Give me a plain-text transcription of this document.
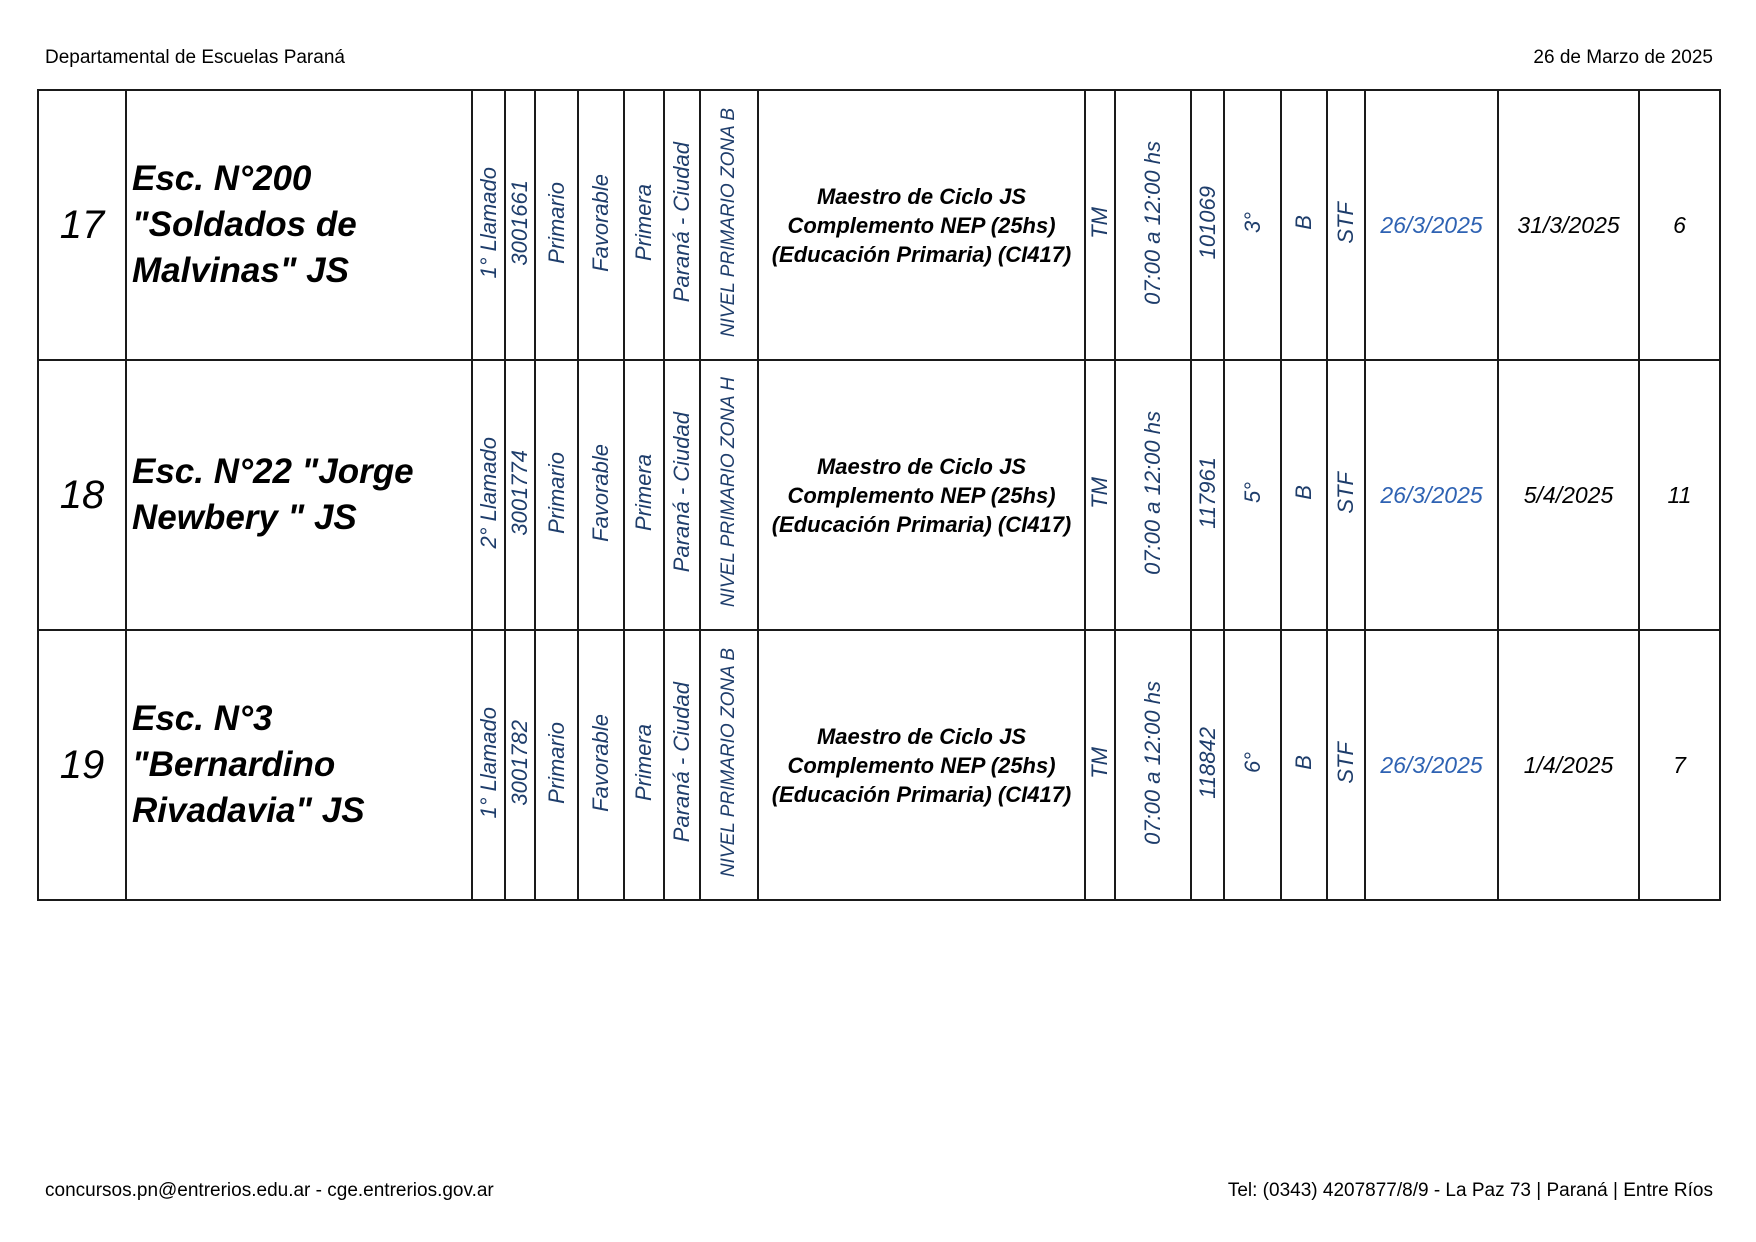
Departamental de Escuelas Paraná	26 de Marzo de 2025
17	Esc. N°200 "Soldados de Malvinas" JS	1° Llamado	3001661	Primario	Favorable	Primera	Paraná - Ciudad	NIVEL PRIMARIO ZONA B	Maestro de Ciclo JS Complemento NEP (25hs) (Educación Primaria) (CI417)	TM	07:00 a 12:00 hs	101069	3°	B	STF	26/3/2025	31/3/2025	6
18	Esc. N°22 "Jorge Newbery " JS	2° Llamado	3001774	Primario	Favorable	Primera	Paraná - Ciudad	NIVEL PRIMARIO ZONA H	Maestro de Ciclo JS Complemento NEP (25hs) (Educación Primaria) (CI417)	TM	07:00 a 12:00 hs	117961	5°	B	STF	26/3/2025	5/4/2025	11
19	Esc. N°3 "Bernardino Rivadavia" JS	1° Llamado	3001782	Primario	Favorable	Primera	Paraná - Ciudad	NIVEL PRIMARIO ZONA B	Maestro de Ciclo JS Complemento NEP (25hs) (Educación Primaria) (CI417)	TM	07:00 a 12:00 hs	118842	6°	B	STF	26/3/2025	1/4/2025	7
concursos.pn@entrerios.edu.ar - cge.entrerios.gov.ar	Tel: (0343) 4207877/8/9 - La Paz 73 | Paraná | Entre Ríos
